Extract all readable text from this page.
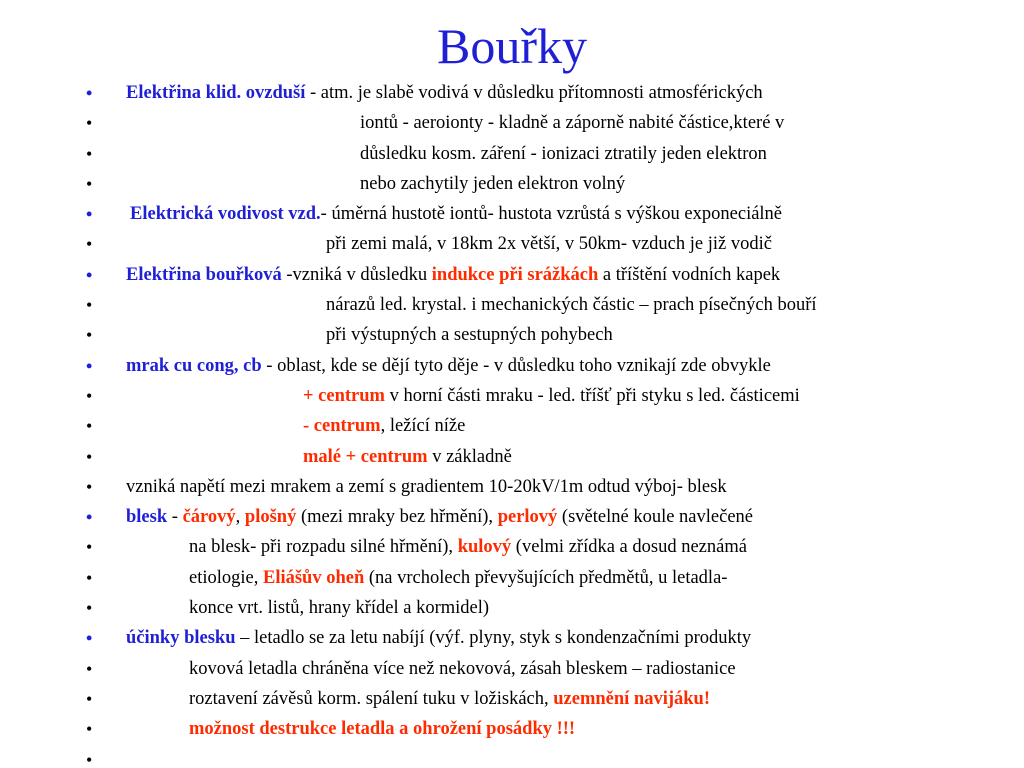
Bouřky
• Elektřina klid. ovzduší - atm. je slabě vodivá v důsledku přítomnosti atmosférických
•	iontů - aeroionty - kladně a záporně nabité částice,které v
•	důsledku kosm. záření - ionizaci ztratily jeden elektron
•	nebo zachytily jeden elektron volný
• Elektrická vodivost vzd.- úměrná hustotě iontů- hustota vzrůstá s výškou exponeciálně
•	při zemi malá, v 18km 2x větší, v 50km- vzduch je již vodič
• Elektřina bouřková -vzniká v důsledku indukce při srážkách a tříštění vodních kapek
•	nárazů led. krystal. i mechanických částic – prach písečných bouří
•	při výstupných a sestupných pohybech
• mrak cu cong, cb - oblast, kde se dějí tyto děje - v důsledku toho vznikají zde obvykle
•	+ centrum v horní části mraku - led. tříšť při styku s led. částicemi
•	- centrum, ležící níže
•	malé + centrum v základně
• vzniká napětí mezi mrakem a zemí s gradientem 10-20kV/1m odtud výboj- blesk
• blesk - čárový, plošný (mezi mraky bez hřmění), perlový (světelné koule navlečené
•	na blesk- při rozpadu silné hřmění), kulový (velmi zřídka a dosud neznámá
•	etiologie, Eliášův oheň (na vrcholech převyšujících předmětů, u letadla-
•	konce vrt. listů, hrany křídel a kormidel)
• účinky blesku – letadlo se za letu nabíjí (výf. plyny, styk s kondenzačními produkty
•	kovová letadla chráněna více než nekovová, zásah bleskem – radiostanice
•	roztavení závěsů korm. spálení tuku v ložiskách, uzemnění navijáku!
•	možnost destrukce letadla a ohrožení posádky !!!
•
